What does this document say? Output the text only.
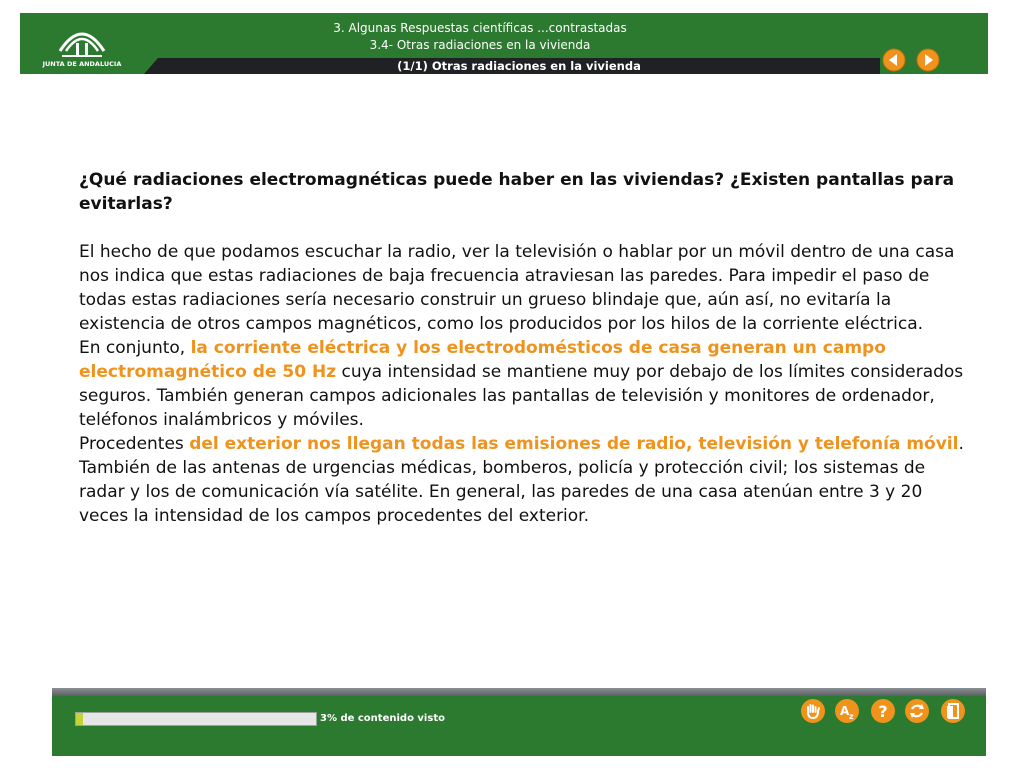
JUNTA DE ANDALUCIA
3. Algunas Respuestas científicas ...contrastadas
3.4- Otras radiaciones en la vivienda
(1/1) Otras radiaciones en la vivienda

¿Qué radiaciones electromagnéticas puede haber en las viviendas? ¿Existen pantallas para evitarlas?

El hecho de que podamos escuchar la radio, ver la televisión o hablar por un móvil dentro de una casa nos indica que estas radiaciones de baja frecuencia atraviesan las paredes. Para impedir el paso de todas estas radiaciones sería necesario construir un grueso blindaje que, aún así, no evitaría la existencia de otros campos magnéticos, como los producidos por los hilos de la corriente eléctrica.

En conjunto, la corriente eléctrica y los electrodomésticos de casa generan un campo electromagnético de 50 Hz cuya intensidad se mantiene muy por debajo de los límites considerados seguros. También generan campos adicionales las pantallas de televisión y monitores de ordenador, teléfonos inalámbricos y móviles.

Procedentes del exterior nos llegan todas las emisiones de radio, televisión y telefonía móvil.

También de las antenas de urgencias médicas, bomberos, policía y protección civil; los sistemas de radar y los de comunicación vía satélite. En general, las paredes de una casa atenúan entre 3 y 20 veces la intensidad de los campos procedentes del exterior.

3% de contenido visto
A z ?
